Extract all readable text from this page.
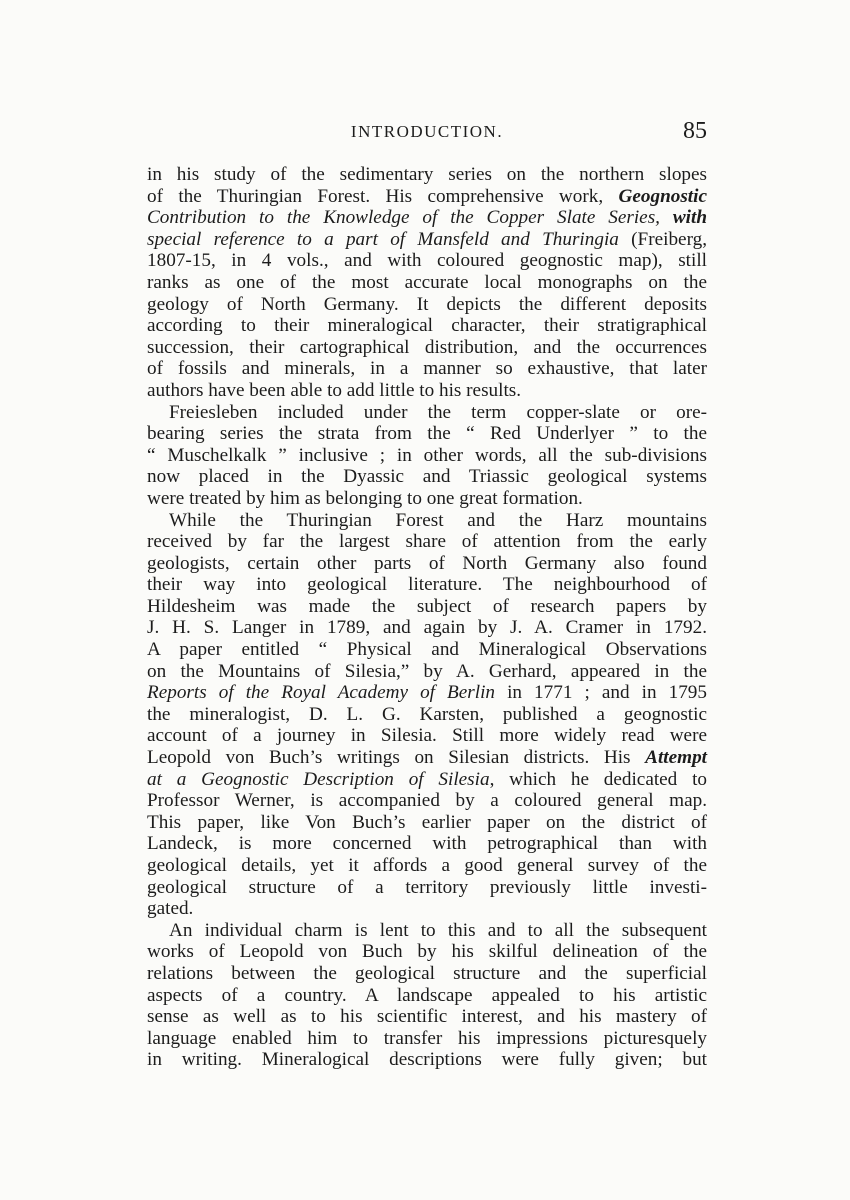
INTRODUCTION.	85
in his study of the sedimentary series on the northern slopes
of the Thuringian Forest. His comprehensive work, Geognostic
Contribution to the Knowledge of the Copper Slate Series, with
special reference to a part of Mansfeld and Thuringia (Freiberg,
1807-15, in 4 vols., and with coloured geognostic map), still
ranks as one of the most accurate local monographs on the
geology of North Germany. It depicts the different deposits
according to their mineralogical character, their stratigraphical
succession, their cartographical distribution, and the occurrences
of fossils and minerals, in a manner so exhaustive, that later
authors have been able to add little to his results.
Freiesleben included under the term copper-slate or ore-
bearing series the strata from the “ Red Underlyer ” to the
“ Muschelkalk ” inclusive ; in other words, all the sub-divisions
now placed in the Dyassic and Triassic geological systems
were treated by him as belonging to one great formation.
While the Thuringian Forest and the Harz mountains
received by far the largest share of attention from the early
geologists, certain other parts of North Germany also found
their way into geological literature. The neighbourhood of
Hildesheim was made the subject of research papers by
J. H. S. Langer in 1789, and again by J. A. Cramer in 1792.
A paper entitled “ Physical and Mineralogical Observations
on the Mountains of Silesia,” by A. Gerhard, appeared in the
Reports of the Royal Academy of Berlin in 1771 ; and in 1795
the mineralogist, D. L. G. Karsten, published a geognostic
account of a journey in Silesia. Still more widely read were
Leopold von Buch’s writings on Silesian districts. His Attempt
at a Geognostic Description of Silesia, which he dedicated to
Professor Werner, is accompanied by a coloured general map.
This paper, like Von Buch’s earlier paper on the district of
Landeck, is more concerned with petrographical than with
geological details, yet it affords a good general survey of the
geological structure of a territory previously little investi-
gated.
An individual charm is lent to this and to all the subsequent
works of Leopold von Buch by his skilful delineation of the
relations between the geological structure and the superficial
aspects of a country. A landscape appealed to his artistic
sense as well as to his scientific interest, and his mastery of
language enabled him to transfer his impressions picturesquely
in writing. Mineralogical descriptions were fully given; but
